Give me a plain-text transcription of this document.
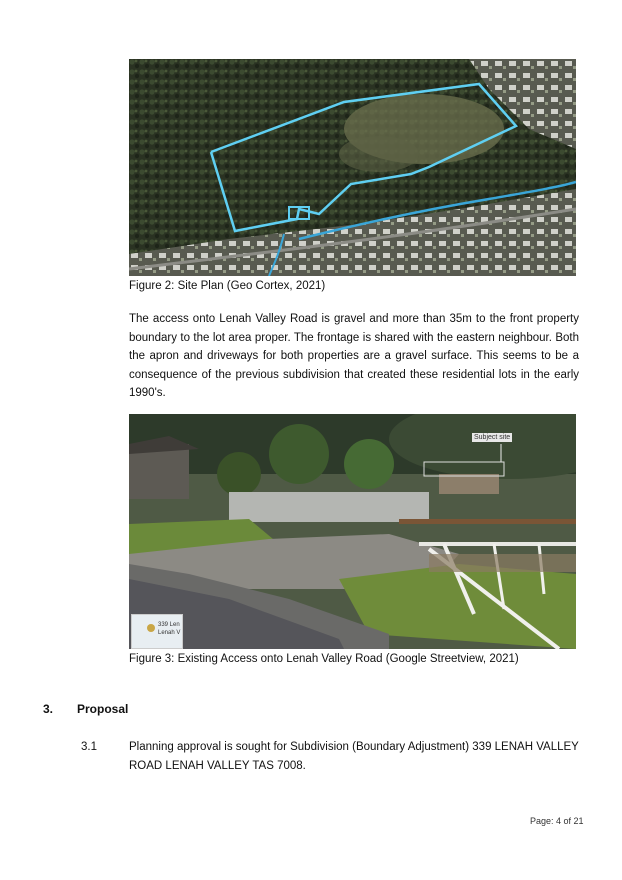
Figure 2: Site Plan (Geo Cortex, 2021)
The access onto Lenah Valley Road is gravel and more than 35m to the front property boundary to the lot area proper. The frontage is shared with the eastern neighbour. Both the apron and driveways for both properties are a gravel surface. This seems to be a consequence of the previous subdivision that created these residential lots in the early 1990's.
Subject site
339 Len
Lenah V
Figure 3: Existing Access onto Lenah Valley Road (Google Streetview, 2021)
3. Proposal
3.1	Planning approval is sought for Subdivision (Boundary Adjustment) 339 LENAH VALLEY ROAD LENAH VALLEY TAS 7008.
Page: 4 of 21
